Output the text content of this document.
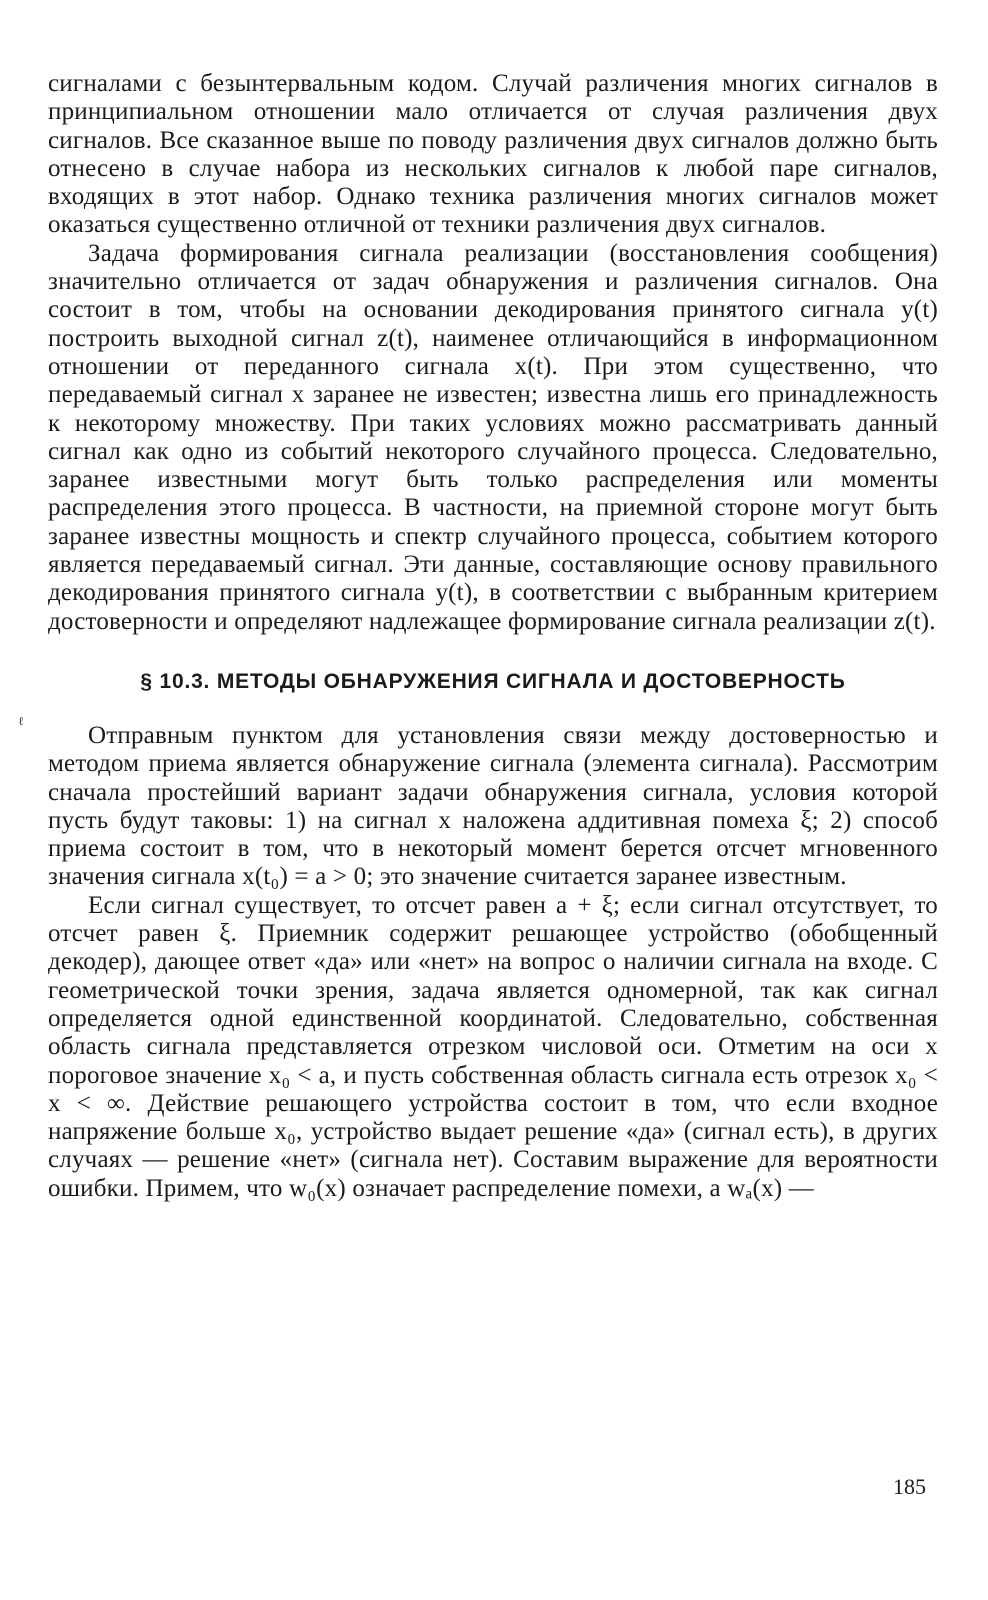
сигналами с безынтервальным кодом. Случай различения многих сигналов в принципиальном отношении мало отличается от случая различения двух сигналов. Все сказанное выше по поводу различения двух сигналов должно быть отнесено в случае набора из нескольких сигналов к любой паре сигналов, входящих в этот набор. Однако техника различения многих сигналов может оказаться существенно отличной от техники различения двух сигналов.

Задача формирования сигнала реализации (восстановления сообщения) значительно отличается от задач обнаружения и различения сигналов. Она состоит в том, чтобы на основании декодирования принятого сигнала y(t) построить выходной сигнал z(t), наименее отличающийся в информационном отношении от переданного сигнала x(t). При этом существенно, что передаваемый сигнал x заранее не известен; известна лишь его принадлежность к некоторому множеству. При таких условиях можно рассматривать данный сигнал как одно из событий некоторого случайного процесса. Следовательно, заранее известными могут быть только распределения или моменты распределения этого процесса. В частности, на приемной стороне могут быть заранее известны мощность и спектр случайного процесса, событием которого является передаваемый сигнал. Эти данные, составляющие основу правильного декодирования принятого сигнала y(t), в соответствии с выбранным критерием достоверности и определяют надлежащее формирование сигнала реализации z(t).

§ 10.3. МЕТОДЫ ОБНАРУЖЕНИЯ СИГНАЛА И ДОСТОВЕРНОСТЬ

Отправным пунктом для установления связи между достоверностью и методом приема является обнаружение сигнала (элемента сигнала). Рассмотрим сначала простейший вариант задачи обнаружения сигнала, условия которой пусть будут таковы: 1) на сигнал x наложена аддитивная помеха ξ; 2) способ приема состоит в том, что в некоторый момент берется отсчет мгновенного значения сигнала x(t₀) = a > 0; это значение считается заранее известным.

Если сигнал существует, то отсчет равен a + ξ; если сигнал отсутствует, то отсчет равен ξ. Приемник содержит решающее устройство (обобщенный декодер), дающее ответ «да» или «нет» на вопрос о наличии сигнала на входе. С геометрической точки зрения, задача является одномерной, так как сигнал определяется одной единственной координатой. Следовательно, собственная область сигнала представляется отрезком числовой оси. Отметим на оси x пороговое значение x₀ < a, и пусть собственная область сигнала есть отрезок x₀ < x < ∞. Действие решающего устройства состоит в том, что если входное напряжение больше x₀, устройство выдает решение «да» (сигнал есть), в других случаях — решение «нет» (сигнала нет). Составим выражение для вероятности ошибки. Примем, что w₀(x) означает распределение помехи, а wₐ(x) —

ℓ
185
